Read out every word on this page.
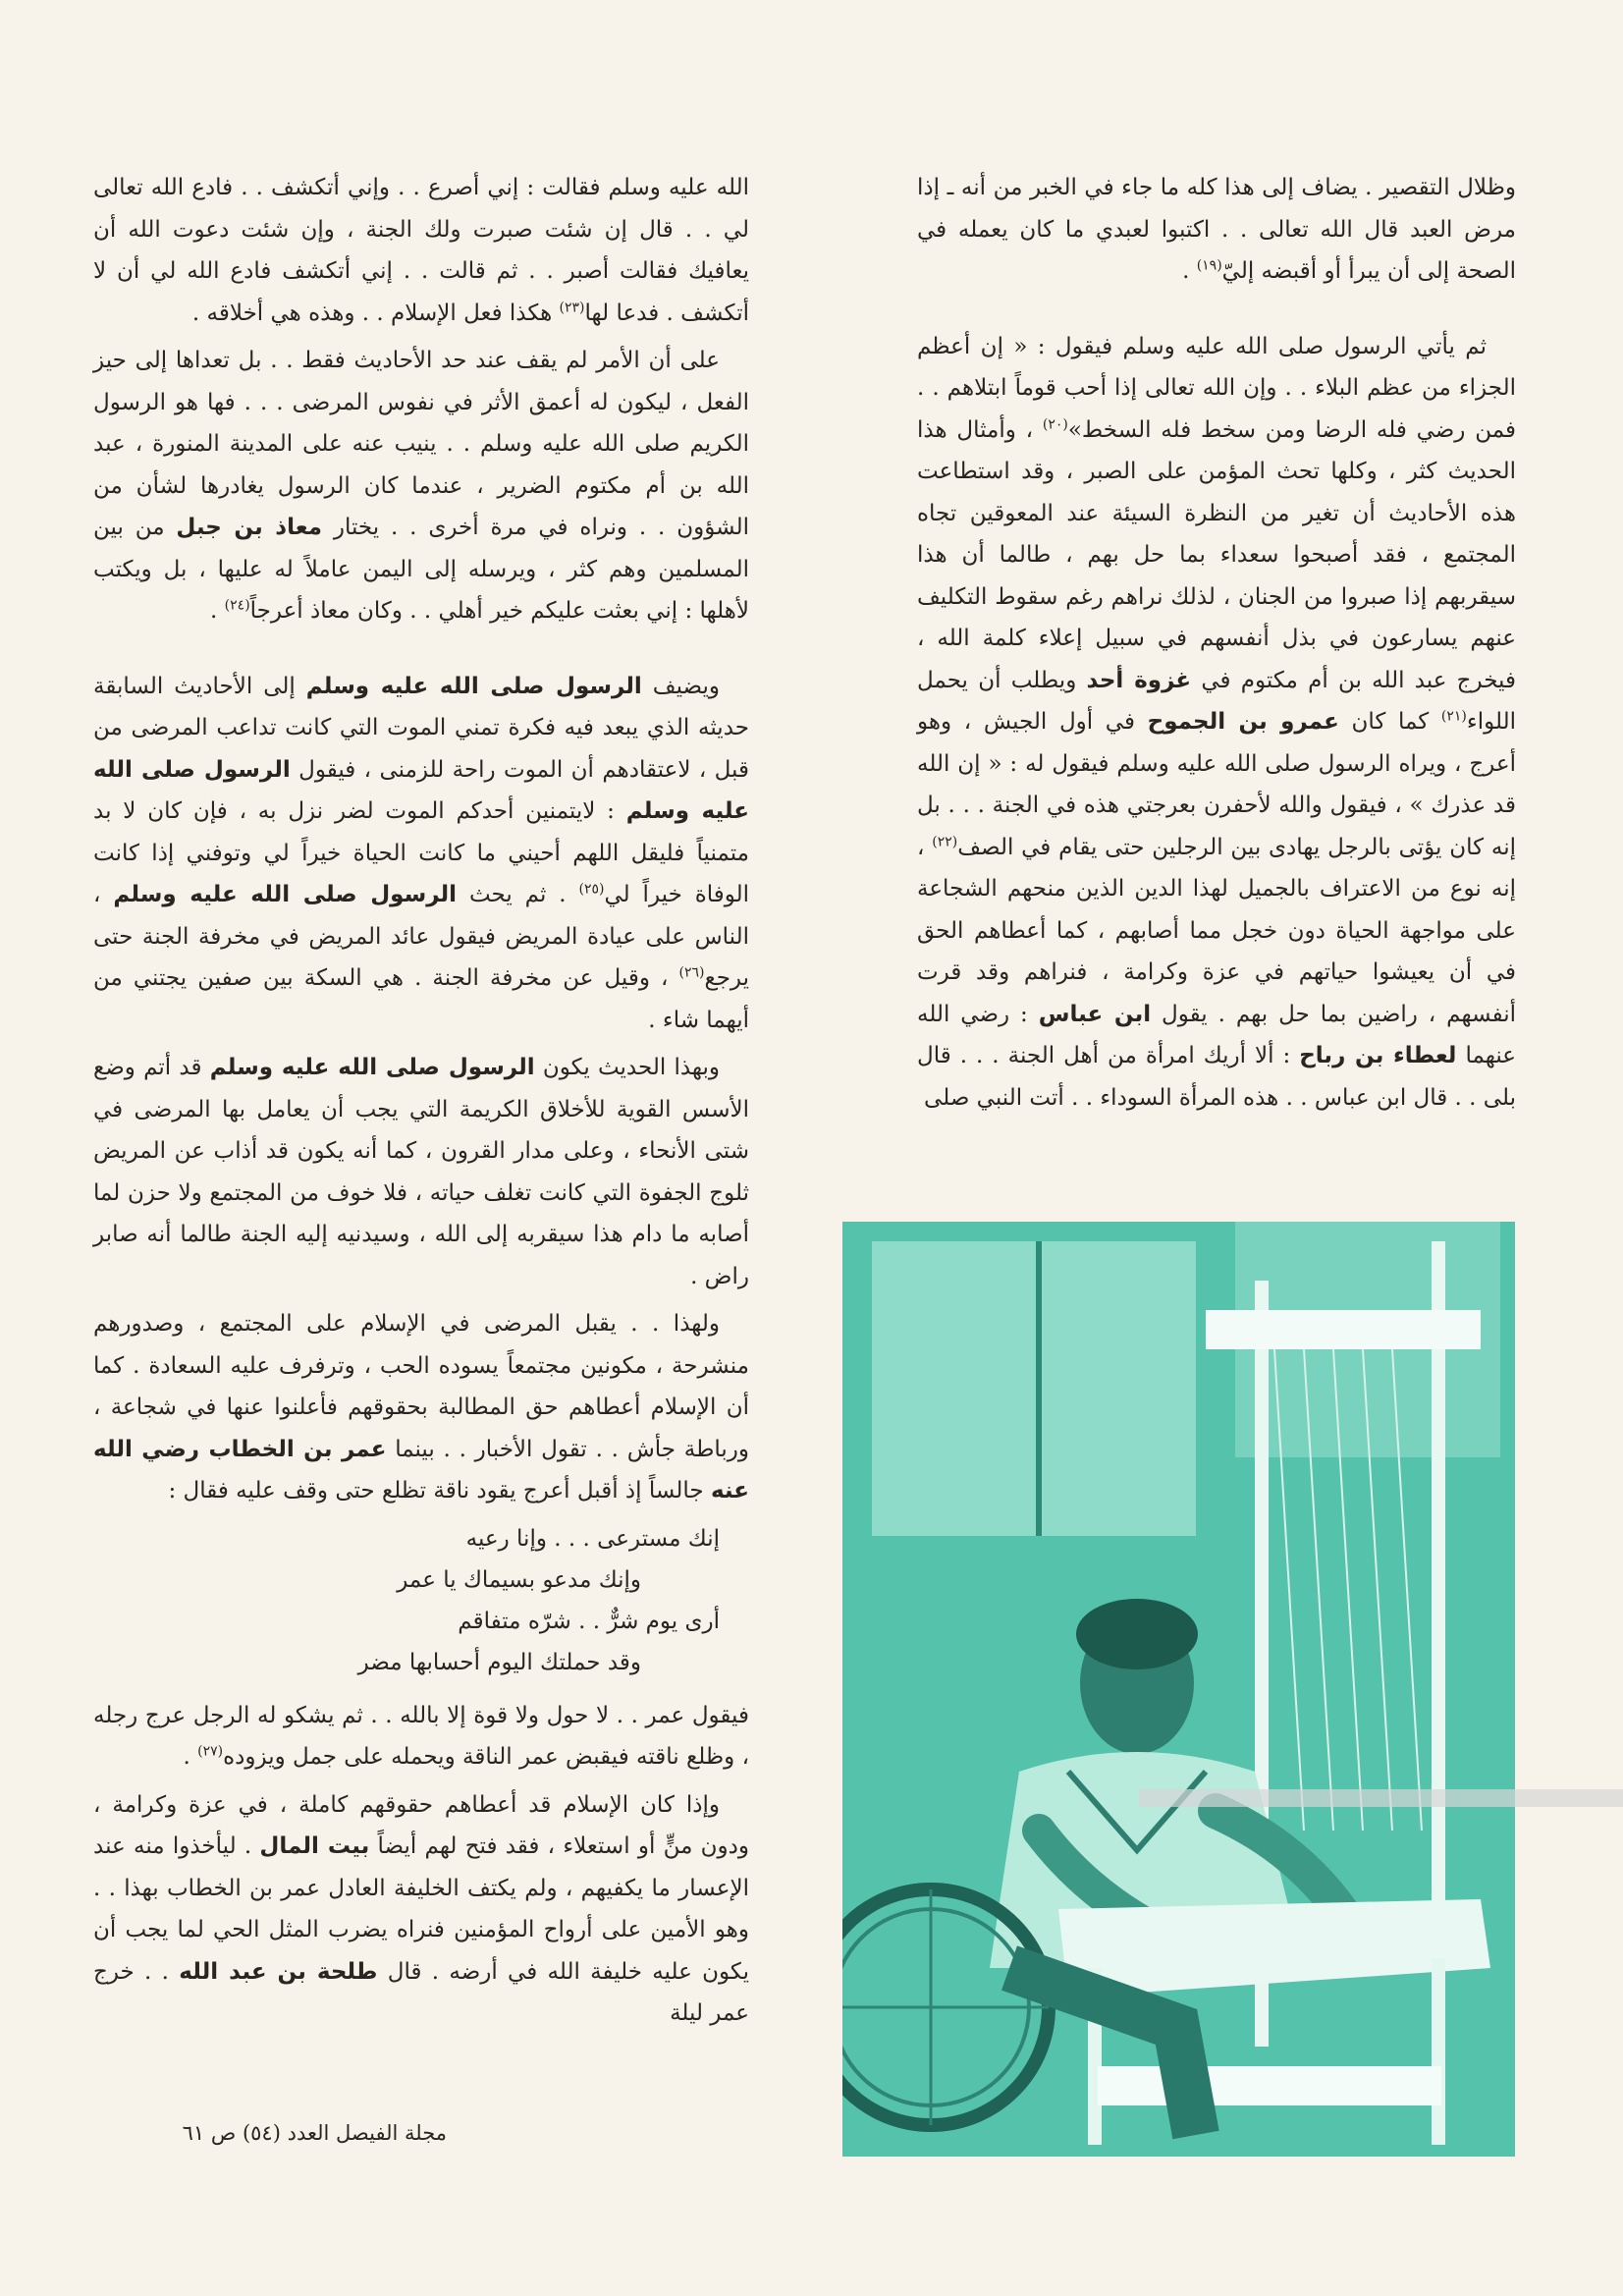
وظلال التقصير . يضاف إلى هذا كله ما جاء في الخبر من أنه ـ إذا مرض العبد قال الله تعالى . . اكتبوا لعبدي ما كان يعمله في الصحة إلى أن يبرأ أو أقبضه إليّ$^{(١٩)}$ .

ثم يأتي الرسول صلى الله عليه وسلم فيقول : « إن أعظم الجزاء من عظم البلاء . . وإن الله تعالى إذا أحب قوماً ابتلاهم . . فمن رضي فله الرضا ومن سخط فله السخط»$^{(٢٠)}$ ، وأمثال هذا الحديث كثر ، وكلها تحث المؤمن على الصبر ، وقد استطاعت هذه الأحاديث أن تغير من النظرة السيئة عند المعوقين تجاه المجتمع ، فقد أصبحوا سعداء بما حل بهم ، طالما أن هذا سيقربهم إذا صبروا من الجنان ، لذلك نراهم رغم سقوط التكليف عنهم يسارعون في بذل أنفسهم في سبيل إعلاء كلمة الله ، فيخرج عبد الله بن أم مكتوم في غزوة أحد ويطلب أن يحمل اللواء$^{(٢١)}$ كما كان عمرو بن الجموح في أول الجيش ، وهو أعرج ، ويراه الرسول صلى الله عليه وسلم فيقول له : « إن الله قد عذرك » ، فيقول والله لأحفرن بعرجتي هذه في الجنة . . . بل إنه كان يؤتى بالرجل يهادى بين الرجلين حتى يقام في الصف$^{(٢٢)}$ ، إنه نوع من الاعتراف بالجميل لهذا الدين الذين منحهم الشجاعة على مواجهة الحياة دون خجل مما أصابهم ، كما أعطاهم الحق في أن يعيشوا حياتهم في عزة وكرامة ، فنراهم وقد قرت أنفسهم ، راضين بما حل بهم . يقول ابن عباس : رضي الله عنهما لعطاء بن رباح : ألا أريك امرأة من أهل الجنة . . . قال بلى . . قال ابن عباس . . هذه المرأة السوداء . . أتت النبي صلى

الله عليه وسلم فقالت : إني أصرع . . وإني أتكشف . . فادع الله تعالى لي . . قال إن شئت صبرت ولك الجنة ، وإن شئت دعوت الله أن يعافيك فقالت أصبر . . ثم قالت . . إني أتكشف فادع الله لي أن لا أتكشف . فدعا لها$^{(٢٣)}$ هكذا فعل الإسلام . . وهذه هي أخلاقه .

على أن الأمر لم يقف عند حد الأحاديث فقط . . بل تعداها إلى حيز الفعل ، ليكون له أعمق الأثر في نفوس المرضى . . . فها هو الرسول الكريم صلى الله عليه وسلم . . ينيب عنه على المدينة المنورة ، عبد الله بن أم مكتوم الضرير ، عندما كان الرسول يغادرها لشأن من الشؤون . . ونراه في مرة أخرى . . يختار معاذ بن جبل من بين المسلمين وهم كثر ، ويرسله إلى اليمن عاملاً له عليها ، بل ويكتب لأهلها : إني بعثت عليكم خير أهلي . . وكان معاذ أعرجاً$^{(٢٤)}$ .

ويضيف الرسول صلى الله عليه وسلم إلى الأحاديث السابقة حديثه الذي يبعد فيه فكرة تمني الموت التي كانت تداعب المرضى من قبل ، لاعتقادهم أن الموت راحة للزمنى ، فيقول الرسول صلى الله عليه وسلم : لايتمنين أحدكم الموت لضر نزل به ، فإن كان لا بد متمنياً فليقل اللهم أحيني ما كانت الحياة خيراً لي وتوفني إذا كانت الوفاة خيراً لي$^{(٢٥)}$ . ثم يحث الرسول صلى الله عليه وسلم ، الناس على عيادة المريض فيقول عائد المريض في مخرفة الجنة حتى يرجع$^{(٢٦)}$ ، وقيل عن مخرفة الجنة . هي السكة بين صفين يجتني من أيهما شاء .

وبهذا الحديث يكون الرسول صلى الله عليه وسلم قد أتم وضع الأسس القوية للأخلاق الكريمة التي يجب أن يعامل بها المرضى في شتى الأنحاء ، وعلى مدار القرون ، كما أنه يكون قد أذاب عن المريض ثلوج الجفوة التي كانت تغلف حياته ، فلا خوف من المجتمع ولا حزن لما أصابه ما دام هذا سيقربه إلى الله ، وسيدنيه إليه الجنة طالما أنه صابر راض .

ولهذا . . يقبل المرضى في الإسلام على المجتمع ، وصدورهم منشرحة ، مكونين مجتمعاً يسوده الحب ، وترفرف عليه السعادة . كما أن الإسلام أعطاهم حق المطالبة بحقوقهم فأعلنوا عنها في شجاعة ، ورباطة جأش . . تقول الأخبار . . بينما عمر بن الخطاب رضي الله عنه جالساً إذ أقبل أعرج يقود ناقة تظلع حتى وقف عليه فقال :

إنك مسترعى . . . وإنا رعيه
وإنك مدعو بسيماك يا عمر
أرى يوم شرٌّ . . شرّه متفاقم
وقد حملتك اليوم أحسابها مضر

فيقول عمر . . لا حول ولا قوة إلا بالله . . ثم يشكو له الرجل عرج رجله ، وظلع ناقته فيقبض عمر الناقة ويحمله على جمل ويزوده$^{(٢٧)}$ .

وإذا كان الإسلام قد أعطاهم حقوقهم كاملة ، في عزة وكرامة ، ودون منٍّ أو استعلاء ، فقد فتح لهم أيضاً بيت المال . ليأخذوا منه عند الإعسار ما يكفيهم ، ولم يكتف الخليفة العادل عمر بن الخطاب بهذا . . وهو الأمين على أرواح المؤمنين فنراه يضرب المثل الحي لما يجب أن يكون عليه خليفة الله في أرضه . قال طلحة بن عبد الله . . خرج عمر ليلة

مجلة الفيصل العدد (٥٤) ص ٦١
